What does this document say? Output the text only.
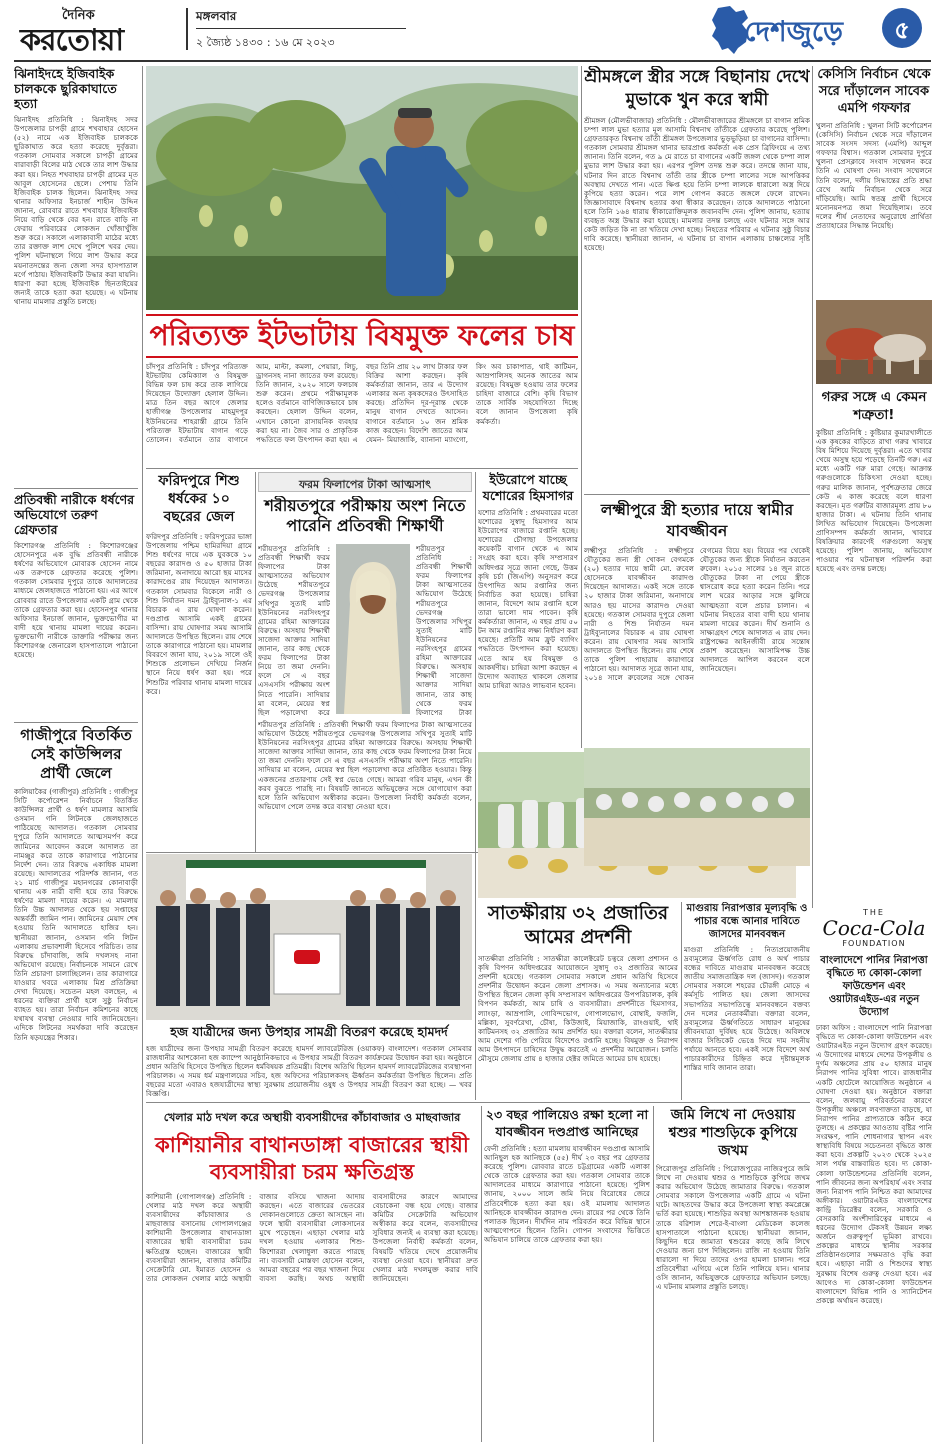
দৈনিক
করতোয়া
মঙ্গলবার
২ জ্যৈষ্ঠ ১৪৩০ : ১৬ মে ২০২৩	দেশজুড়ে	৫
ঝিনাইদহে ইজিবাইক চালককে ছুরিকাঘাতে হত্যা
ঝিনাইদহ প্রতিনিধি : ঝিনাইদহ সদর উপজেলার চাপড়ী গ্রামে শখবাহার হোসেন (৫২) নামে এক ইজিবাইক চালককে ছুরিকাঘাত করে হত্যা করেছে দুর্বৃত্তরা। গতকাল সোমবার সকালে চাপড়ী গ্রামের বারাবাড়ী বিলের মাঠ থেকে তার লাশ উদ্ধার করা হয়। নিহত শখবাহার চাপড়ী গ্রামের মৃত আবুল হোসেনের ছেলে। পেশায় তিনি ইজিবাইক চালক ছিলেন। ঝিনাইদহ সদর থানার অফিসার ইনচার্জ শাহীন উদ্দিন জানান, রোববার রাতে শখবাহার ইজিবাইক নিয়ে বাড়ি থেকে বের হন। রাতে বাড়ি না ফেরায় পরিবারের লোকজন খোঁজাখুঁজি শুরু করে। সকালে এলাকাবাসী মাঠের মধ্যে তার রক্তাক্ত লাশ দেখে পুলিশে খবর দেয়। পুলিশ ঘটনাস্থলে গিয়ে লাশ উদ্ধার করে ময়নাতদন্তের জন্য জেলা সদর হাসপাতাল মর্গে পাঠায়। ইজিবাইকটি উদ্ধার করা যায়নি। ধারণা করা হচ্ছে ইজিবাইক ছিনতাইয়ের জন্যই তাকে হত্যা করা হয়েছে। এ ঘটনায় থানায় মামলার প্রস্তুতি চলছে।
প্রতিবন্ধী নারীকে ধর্ষণের অভিযোগে তরুণ গ্রেফতার
কিশোরগঞ্জ প্রতিনিধি : কিশোরগঞ্জের হোসেনপুরে এক বুদ্ধি প্রতিবন্ধী নারীকে ধর্ষণের অভিযোগে মোবারক হোসেন নামে এক তরুণকে গ্রেফতার করেছে পুলিশ। গতকাল সোমবার দুপুরে তাকে আদালতের মাধ্যমে জেলহাজতে পাঠানো হয়। এর আগে রোববার রাতে উপজেলার একটি গ্রাম থেকে তাকে গ্রেফতার করা হয়। হোসেনপুর থানার অফিসার ইনচার্জ জানান, ভুক্তভোগীর মা বাদী হয়ে থানায় মামলা দায়ের করেন। ভুক্তভোগী নারীকে ডাক্তারি পরীক্ষার জন্য কিশোরগঞ্জ জেনারেল হাসপাতালে পাঠানো হয়েছে।
গাজীপুরে বিতর্কিত সেই কাউন্সিলর প্রার্থী জেলে
কালিয়াকৈর (গাজীপুর) প্রতিনিধি : গাজীপুর সিটি কর্পোরেশন নির্বাচনে বিতর্কিত কাউন্সিলর প্রার্থী ও ধর্ষণ মামলার আসামি ওসমান গনি লিটনকে জেলহাজতে পাঠিয়েছে আদালত। গতকাল সোমবার দুপুরে তিনি আদালতে আত্মসমর্পণ করে জামিনের আবেদন করলে আদালত তা নামঞ্জুর করে তাকে কারাগারে পাঠানোর নির্দেশ দেন। তার বিরুদ্ধে একাধিক মামলা রয়েছে। আদালতের পরিদর্শক জানান, গত ২১ মার্চ গাজীপুর মহানগরের কোনাবাড়ী থানায় এক নারী বাদী হয়ে তার বিরুদ্ধে ধর্ষণের মামলা দায়ের করেন। এ মামলায় তিনি উচ্চ আদালত থেকে ছয় সপ্তাহের অন্তর্বর্তী জামিন পান। জামিনের মেয়াদ শেষ হওয়ায় তিনি আদালতে হাজির হন। স্থানীয়রা জানান, ওসমান গনি লিটন এলাকায় প্রভাবশালী হিসেবে পরিচিত। তার বিরুদ্ধে চাঁদাবাজি, জমি দখলসহ নানা অভিযোগ রয়েছে। নির্বাচনকে সামনে রেখে তিনি প্রচারণা চালাচ্ছিলেন। তার কারাগারে যাওয়ার খবরে এলাকায় মিশ্র প্রতিক্রিয়া দেখা দিয়েছে। সচেতন মহল বলছেন, এ ধরনের ব্যক্তিরা প্রার্থী হলে সুষ্ঠু নির্বাচন ব্যাহত হয়। তারা নির্বাচন কমিশনের কাছে যথাযথ ব্যবস্থা নেওয়ার দাবি জানিয়েছেন। এদিকে লিটনের সমর্থকরা দাবি করেছেন তিনি ষড়যন্ত্রের শিকার।
পরিত্যক্ত ইটভাটায় বিষমুক্ত ফলের চাষ
চাঁদপুর প্রতিনিধি : চাঁদপুর পরিত্যক্ত ইটভাটায় কেমিক্যাল ও বিষমুক্ত বিভিন্ন ফল চাষ করে তাক লাগিয়ে দিয়েছেন উদ্যোক্তা হেলাল উদ্দিন। মাত্র তিন বছর আগে জেলার হাজীগঞ্জ উপজেলার মাহমুদপুর ইউনিয়নের শাহরাস্তী গ্রামে তিনি পরিত্যক্ত ইটভাটায় বাগান গড়ে তোলেন। বর্তমানে তার বাগানে আম, মাল্টা, কমলা, পেয়ারা, লিচু, ড্রাগনসহ নানা জাতের ফল রয়েছে। তিনি জানান, ২০২০ সালে ফলচাষ শুরু করেন। প্রথমে পরীক্ষামূলক হলেও বর্তমানে বাণিজ্যিকভাবে চাষ করছেন। হেলাল উদ্দিন বলেন, এখানে কোনো রাসায়নিক ব্যবহার করা হয় না। জৈব সার ও প্রাকৃতিক পদ্ধতিতে ফল উৎপাদন করা হয়। এ বছর তিনি প্রায় ২০ লাখ টাকার ফল বিক্রির আশা করছেন। কৃষি কর্মকর্তারা জানান, তার এ উদ্যোগ এলাকার অন্য কৃষকদেরও উৎসাহিত করছে। প্রতিদিন দূর-দূরান্ত থেকে মানুষ বাগান দেখতে আসেন। বাগানে বর্তমানে ১০ জন শ্রমিক কাজ করছেন। বিদেশি জাতের আম যেমন- মিয়াজাকি, ব্যানানা ম্যাংগো, কিং অব চাকাপাত, থাই কাটিমন, আম্রপালিসহ অনেক জাতের আম রয়েছে। বিষমুক্ত হওয়ায় তার ফলের চাহিদা বাজারে বেশি। কৃষি বিভাগ তাকে সার্বিক সহযোগিতা দিচ্ছে বলে জানান উপজেলা কৃষি কর্মকর্তা।
ফরিদপুরে শিশু
ধর্ষকের ১০
বছরের জেল
ফরিদপুর প্রতিনিধি : ফরিদপুরের ভাঙ্গা উপজেলায় পশ্চিম হামিরদিয়া গ্রামে শিশু ধর্ষণের দায়ে এক যুবককে ১০ বছরের কারাদণ্ড ও ৫০ হাজার টাকা জরিমানা, অনাদায়ে আরো ছয় মাসের কারাদণ্ডের রায় দিয়েছেন আদালত। গতকাল সোমবার বিকেলে নারী ও শিশু নির্যাতন দমন ট্রাইব্যুনাল-১ এর বিচারক এ রায় ঘোষণা করেন। দণ্ডপ্রাপ্ত আসামি একই গ্রামের বাসিন্দা। রায় ঘোষণার সময় আসামি আদালতে উপস্থিত ছিলেন। রায় শেষে তাকে কারাগারে পাঠানো হয়। মামলার বিবরণে জানা যায়, ২০১৯ সালে ওই শিশুকে প্রলোভন দেখিয়ে নির্জন স্থানে নিয়ে ধর্ষণ করা হয়। পরে শিশুটির পরিবার থানায় মামলা দায়ের করে।
ফরম ফিলাপের টাকা আত্মসাৎ
শরীয়তপুরে পরীক্ষায় অংশ নিতে পারেনি প্রতিবন্ধী শিক্ষার্থী
শরীয়তপুর প্রতিনিধি : প্রতিবন্ধী শিক্ষার্থী ফরম ফিলাপের টাকা আত্মসাতের অভিযোগ উঠেছে শরীয়তপুরে ভেদরগঞ্জ উপজেলার সখিপুর সুতাই মাটি ইউনিয়নের নরসিংহপুর গ্রামের রহিমা আক্তারের বিরুদ্ধে। অসহায় শিক্ষার্থী সাজেদা আক্তার সাদিয়া জানান, তার কাছ থেকে ফরম ফিলাপের টাকা নিয়ে তা জমা দেননি। ফলে সে এ বছর এসএসসি পরীক্ষায় অংশ নিতে পারেনি। সাদিয়ার মা বলেন, মেয়ের স্বপ্ন ছিল পড়ালেখা করে
শরীয়তপুর প্রতিনিধি : প্রতিবন্ধী শিক্ষার্থী ফরম ফিলাপের টাকা আত্মসাতের অভিযোগ উঠেছে শরীয়তপুরে ভেদরগঞ্জ উপজেলার সখিপুর সুতাই মাটি ইউনিয়নের নরসিংহপুর গ্রামের রহিমা আক্তারের বিরুদ্ধে। অসহায় শিক্ষার্থী সাজেদা আক্তার সাদিয়া জানান, তার কাছ থেকে ফরম ফিলাপের টাকা
শরীয়তপুর প্রতিনিধি : প্রতিবন্ধী শিক্ষার্থী ফরম ফিলাপের টাকা আত্মসাতের অভিযোগ উঠেছে শরীয়তপুরে ভেদরগঞ্জ উপজেলার সখিপুর সুতাই মাটি ইউনিয়নের নরসিংহপুর গ্রামের রহিমা আক্তারের বিরুদ্ধে। অসহায় শিক্ষার্থী সাজেদা আক্তার সাদিয়া জানান, তার কাছ থেকে ফরম ফিলাপের টাকা নিয়ে তা জমা দেননি। ফলে সে এ বছর এসএসসি পরীক্ষায় অংশ নিতে পারেনি। সাদিয়ার মা বলেন, মেয়ের স্বপ্ন ছিল পড়ালেখা করে প্রতিষ্ঠিত হওয়ার। কিন্তু একজনের প্রতারণায় সেই স্বপ্ন ভেঙে গেছে। আমরা গরিব মানুষ, এখন কী করব বুঝতে পারছি না। বিষয়টি জানতে অভিযুক্তের সঙ্গে যোগাযোগ করা হলে তিনি অভিযোগ অস্বীকার করেন। উপজেলা নির্বাহী কর্মকর্তা বলেন, অভিযোগ পেলে তদন্ত করে ব্যবস্থা নেওয়া হবে।
ইউরোপে যাচ্ছে
যশোরের হিমসাগর
যশোর প্রতিনিধি : প্রথমবারের মতো যশোরের সুস্বাদু হিমসাগর আম ইউরোপের বাজারে রপ্তানি হচ্ছে। যশোরের চৌগাছা উপজেলার কয়েকটি বাগান থেকে এ আম সংগ্রহ করা হবে। কৃষি সম্প্রসারণ অধিদপ্তর সূত্রে জানা গেছে, উত্তম কৃষি চর্চা (জিএপি) অনুসরণ করে উৎপাদিত আম রপ্তানির জন্য নির্বাচিত করা হয়েছে। চাষিরা জানান, বিদেশে আম রপ্তানি হলে তারা ভালো দাম পাবেন। কৃষি কর্মকর্তারা জানান, এ বছর প্রায় ৫০ টন আম রপ্তানির লক্ষ্য নির্ধারণ করা হয়েছে। প্রতিটি আম ফ্রুট ব্যাগিং পদ্ধতিতে উৎপাদন করা হয়েছে। এতে আম হয় বিষমুক্ত ও আকর্ষণীয়। চাষিরা আশা করছেন এ উদ্যোগ অব্যাহত থাকলে জেলার আম চাষিরা আরও লাভবান হবেন।
শ্রীমঙ্গলে স্ত্রীর সঙ্গে বিছানায় দেখে মুভাকে খুন করে স্বামী
শ্রীমঙ্গল (মৌলভীবাজার) প্রতিনিধি : মৌলভীবাজারের শ্রীমঙ্গলে চা বাগান শ্রমিক চম্পা লাল মুভা হত্যার মূল আসামি বিশ্বনাথ তাঁতীকে গ্রেফতার করেছে পুলিশ। গ্রেফতারকৃত বিশ্বনাথ তাঁতী শ্রীমঙ্গল উপজেলার ভুড়ভুড়িয়া চা বাগানের বাসিন্দা। গতকাল সোমবার শ্রীমঙ্গল থানার ভারপ্রাপ্ত কর্মকর্তা এক প্রেস ব্রিফিংয়ে এ তথ্য জানান। তিনি বলেন, গত ৯ মে রাতে চা বাগানের একটি জঙ্গল থেকে চম্পা লাল মুভার লাশ উদ্ধার করা হয়। এরপর পুলিশ তদন্ত শুরু করে। তদন্তে জানা যায়, ঘটনার দিন রাতে বিশ্বনাথ তাঁতী তার স্ত্রীকে চম্পা লালের সঙ্গে আপত্তিকর অবস্থায় দেখতে পান। এতে ক্ষিপ্ত হয়ে তিনি চম্পা লালকে ধারালো অস্ত্র দিয়ে কুপিয়ে হত্যা করেন। পরে লাশ গোপন করতে জঙ্গলে ফেলে রাখেন। জিজ্ঞাসাবাদে বিশ্বনাথ হত্যার কথা স্বীকার করেছেন। তাকে আদালতে পাঠানো হলে তিনি ১৬৪ ধারায় স্বীকারোক্তিমূলক জবানবন্দি দেন। পুলিশ জানায়, হত্যায় ব্যবহৃত অস্ত্র উদ্ধার করা হয়েছে। মামলার তদন্ত চলছে এবং ঘটনার সঙ্গে আর কেউ জড়িত কি না তা খতিয়ে দেখা হচ্ছে। নিহতের পরিবার এ ঘটনার সুষ্ঠু বিচার দাবি করেছে। স্থানীয়রা জানান, এ ঘটনায় চা বাগান এলাকায় চাঞ্চল্যের সৃষ্টি হয়েছে।
কেসিসি নির্বাচন থেকে সরে দাঁড়ালেন সাবেক এমপি গফফার
খুলনা প্রতিনিধি : খুলনা সিটি কর্পোরেশন (কেসিসি) নির্বাচন থেকে সরে দাঁড়ালেন সাবেক সংসদ সদস্য (এমপি) আব্দুল গফফার বিশ্বাস। গতকাল সোমবার দুপুরে খুলনা প্রেসক্লাবে সংবাদ সম্মেলন করে তিনি এ ঘোষণা দেন। সংবাদ সম্মেলনে তিনি বলেন, দলীয় সিদ্ধান্তের প্রতি শ্রদ্ধা রেখে আমি নির্বাচন থেকে সরে দাঁড়িয়েছি। আমি স্বতন্ত্র প্রার্থী হিসেবে মনোনয়নপত্র জমা দিয়েছিলাম। তবে দলের শীর্ষ নেতাদের অনুরোধে প্রার্থিতা প্রত্যাহারের সিদ্ধান্ত নিয়েছি।
গরুর সঙ্গে এ কেমন শত্রুতা!
কুষ্টিয়া প্রতিনিধি : কুষ্টিয়ার কুমারখালীতে এক কৃষকের বাড়িতে রাখা গরুর খাবারে বিষ মিশিয়ে দিয়েছে দুর্বৃত্তরা। এতে খাবার খেয়ে অসুস্থ হয়ে পড়েছে তিনটি গরু। এর মধ্যে একটি গরু মারা গেছে। আক্রান্ত গরুগুলোকে চিকিৎসা দেওয়া হচ্ছে। গরুর মালিক জানান, পূর্বশত্রুতার জেরে কেউ এ কাজ করেছে বলে ধারণা করছেন। মৃত গরুটির বাজারমূল্য প্রায় ৮০ হাজার টাকা। এ ঘটনায় তিনি থানায় লিখিত অভিযোগ দিয়েছেন। উপজেলা প্রাণিসম্পদ কর্মকর্তা জানান, খাবারে বিষক্রিয়ার কারণেই গরুগুলো অসুস্থ হয়েছে। পুলিশ জানায়, অভিযোগ পাওয়ার পর ঘটনাস্থল পরিদর্শন করা হয়েছে এবং তদন্ত চলছে।
লক্ষ্মীপুরে স্ত্রী হত্যার দায়ে স্বামীর যাবজ্জীবন
লক্ষ্মীপুর প্রতিনিধি : লক্ষ্মীপুরে যৌতুকের জন্য স্ত্রী খোকন বেগমকে (২০) হত্যার দায়ে স্বামী মো. রুবেল হোসেনকে যাবজ্জীবন কারাদণ্ড দিয়েছেন আদালত। একই সঙ্গে তাকে ২০ হাজার টাকা জরিমানা, অনাদায়ে আরও ছয় মাসের কারাদণ্ড দেওয়া হয়েছে। গতকাল সোমবার দুপুরে জেলা নারী ও শিশু নির্যাতন দমন ট্রাইব্যুনালের বিচারক এ রায় ঘোষণা করেন। রায় ঘোষণার সময় আসামি আদালতে উপস্থিত ছিলেন। রায় শেষে তাকে পুলিশ পাহারায় কারাগারে পাঠানো হয়। আদালত সূত্রে জানা যায়, ২০১৪ সালে রুবেলের সঙ্গে খোকন বেগমের বিয়ে হয়। বিয়ের পর থেকেই যৌতুকের জন্য স্ত্রীকে নির্যাতন করতেন রুবেল। ২০১৫ সালের ১৪ জুন রাতে যৌতুকের টাকা না পেয়ে স্ত্রীকে শ্বাসরোধ করে হত্যা করেন তিনি। পরে লাশ ঘরের আড়ার সঙ্গে ঝুলিয়ে আত্মহত্যা বলে প্রচার চালান। এ ঘটনায় নিহতের বাবা বাদী হয়ে থানায় মামলা দায়ের করেন। দীর্ঘ শুনানি ও সাক্ষ্যগ্রহণ শেষে আদালত এ রায় দেন। রাষ্ট্রপক্ষের আইনজীবী রায়ে সন্তোষ প্রকাশ করেছেন। আসামিপক্ষ উচ্চ আদালতে আপিল করবেন বলে জানিয়েছেন।
হজ যাত্রীদের জন্য উপহার সামগ্রী বিতরণ করেছে হামদর্দ
হজ যাত্রীদের জন্য উপহার সামগ্রী বিতরণ করেছে হামদর্দ ল্যাবরেটরিজ (ওয়াকফ) বাংলাদেশ। গতকাল সোমবার রাজধানীর আশকোনা হজ ক্যাম্পে আনুষ্ঠানিকভাবে এ উপহার সামগ্রী বিতরণ কার্যক্রমের উদ্বোধন করা হয়। অনুষ্ঠানে প্রধান অতিথি হিসেবে উপস্থিত ছিলেন ধর্মবিষয়ক প্রতিমন্ত্রী। বিশেষ অতিথি ছিলেন হামদর্দ ল্যাবরেটরিজের ব্যবস্থাপনা পরিচালক। এ সময় ধর্ম মন্ত্রণালয়ের সচিব, হজ অফিসের পরিচালকসহ ঊর্ধ্বতন কর্মকর্তারা উপস্থিত ছিলেন। প্রতি বছরের মতো এবারও হজযাত্রীদের স্বাস্থ্য সুরক্ষায় প্রয়োজনীয় ওষুধ ও উপহার সামগ্রী বিতরণ করা হচ্ছে। — খবর বিজ্ঞপ্তি।
সাতক্ষীরায় ৩২ প্রজাতির আমের প্রদর্শনী
সাতক্ষীরা প্রতিনিধি : সাতক্ষীরা কালেক্টরেট চত্বরে জেলা প্রশাসন ও কৃষি বিপণন অধিদপ্তরের আয়োজনে সুস্বাদু ৩২ প্রজাতির আমের প্রদর্শনী হয়েছে। গতকাল সোমবার সকালে প্রধান অতিথি হিসেবে প্রদর্শনীর উদ্বোধন করেন জেলা প্রশাসক। এ সময় অন্যান্যের মধ্যে উপস্থিত ছিলেন জেলা কৃষি সম্প্রসারণ অধিদপ্তরের উপপরিচালক, কৃষি বিপণন কর্মকর্তা, আম চাষি ও ব্যবসায়ীরা। প্রদর্শনীতে হিমসাগর, ল্যাংড়া, আম্রপালি, গোবিন্দভোগ, গোপালভোগ, বোম্বাই, ফজলি, মল্লিকা, সুবর্ণরেখা, চৌষা, কিউজাই, মিয়াজাকি, রাংগুয়াই, থাই কাটিমনসহ ৩২ প্রজাতির আম প্রদর্শিত হয়। বক্তারা বলেন, সাতক্ষীরার আম দেশের গণ্ডি পেরিয়ে বিদেশেও রপ্তানি হচ্ছে। বিষমুক্ত ও নিরাপদ আম উৎপাদনে চাষিদের উদ্বুদ্ধ করতেই এ প্রদর্শনীর আয়োজন। চলতি মৌসুমে জেলায় প্রায় ৪ হাজার হেক্টর জমিতে আমের চাষ হয়েছে।
মাগুরায় নিরাপত্তার মূল্যবৃদ্ধি ও পাচার বন্ধে আনার দাবিতে জাসদের মানববন্ধন
মাগুরা প্রতিনিধি : নিত্যপ্রয়োজনীয় দ্রব্যমূল্যের ঊর্ধ্বগতি রোধ ও অর্থ পাচার বন্ধের দাবিতে মাগুরায় মানববন্ধন করেছে জাতীয় সমাজতান্ত্রিক দল (জাসদ)। গতকাল সোমবার সকালে শহরের চৌরঙ্গী মোড়ে এ কর্মসূচি পালিত হয়। জেলা জাসদের সভাপতির সভাপতিত্বে মানববন্ধনে বক্তব্য দেন দলের নেতাকর্মীরা। বক্তারা বলেন, দ্রব্যমূল্যের ঊর্ধ্বগতিতে সাধারণ মানুষের জীবনযাত্রা দুর্বিষহ হয়ে উঠেছে। অবিলম্বে বাজার সিন্ডিকেট ভেঙে দিয়ে দাম সহনীয় পর্যায়ে আনতে হবে। একই সঙ্গে বিদেশে অর্থ পাচারকারীদের চিহ্নিত করে দৃষ্টান্তমূলক শাস্তির দাবি জানান তারা।
THE
Coca-Cola
FOUNDATION
বাংলাদেশে পানির নিরাপত্তা বৃদ্ধিতে দ্য কোকা-কোলা ফাউন্ডেশন এবং ওয়াটারএইড-এর নতুন উদ্যোগ
ঢাকা অফিস : বাংলাদেশে পানি নিরাপত্তা বৃদ্ধিতে দ্য কোকা-কোলা ফাউন্ডেশন এবং ওয়াটারএইড নতুন উদ্যোগ গ্রহণ করেছে। এ উদ্যোগের মাধ্যমে দেশের উপকূলীয় ও দুর্গম অঞ্চলের প্রায় ৫০ হাজার মানুষ নিরাপদ পানির সুবিধা পাবে। রাজধানীর একটি হোটেলে আয়োজিত অনুষ্ঠানে এ ঘোষণা দেওয়া হয়। অনুষ্ঠানে বক্তারা বলেন, জলবায়ু পরিবর্তনের কারণে উপকূলীয় অঞ্চলে লবণাক্ততা বাড়ছে, যা নিরাপদ পানির প্রাপ্যতাকে কঠিন করে তুলছে। এ প্রকল্পের আওতায় বৃষ্টির পানি সংরক্ষণ, পানি শোধনাগার স্থাপন এবং স্বাস্থ্যবিধি বিষয়ে সচেতনতা বৃদ্ধিতে কাজ করা হবে। প্রকল্পটি ২০২৩ থেকে ২০২৫ সাল পর্যন্ত বাস্তবায়িত হবে। দ্য কোকা-কোলা ফাউন্ডেশনের প্রতিনিধি বলেন, পানি জীবনের জন্য অপরিহার্য এবং সবার জন্য নিরাপদ পানি নিশ্চিত করা আমাদের অঙ্গীকার। ওয়াটারএইড বাংলাদেশের কান্ট্রি ডিরেক্টর বলেন, সরকারি ও বেসরকারি অংশীদারিত্বের মাধ্যমে এ ধরনের উদ্যোগ টেকসই উন্নয়ন লক্ষ্য অর্জনে গুরুত্বপূর্ণ ভূমিকা রাখবে। প্রকল্পের মাধ্যমে স্থানীয় সরকার প্রতিষ্ঠানগুলোর সক্ষমতাও বৃদ্ধি করা হবে। এছাড়া নারী ও শিশুদের স্বাস্থ্য সুরক্ষায় বিশেষ গুরুত্ব দেওয়া হবে। এর আগেও দ্য কোকা-কোলা ফাউন্ডেশন বাংলাদেশে বিভিন্ন পানি ও স্যানিটেশন প্রকল্পে অর্থায়ন করেছে।
খেলার মাঠ দখল করে অস্থায়ী ব্যবসায়ীদের কাঁচাবাজার ও মাছবাজার
কাশিয়ানীর বাথানডাঙ্গা বাজারের স্থায়ী ব্যবসায়ীরা চরম ক্ষতিগ্রস্ত
কাশিয়ানী (গোপালগঞ্জ) প্রতিনিধি : খেলার মাঠ দখল করে অস্থায়ী ব্যবসায়ীদের কাঁচাবাজার ও মাছবাজার বসানোয় গোপালগঞ্জের কাশিয়ানী উপজেলার বাথানডাঙ্গা বাজারের স্থায়ী ব্যবসায়ীরা চরম ক্ষতিগ্রস্ত হচ্ছেন। বাজারের স্থায়ী ব্যবসায়ীরা জানান, বাজার কমিটির সেক্রেটারি মো. ইমারত হোসেন ও তার লোকজন খেলার মাঠে অস্থায়ী বাজার বসিয়ে খাজনা আদায় করছেন। এতে বাজারের ভেতরের দোকানগুলোতে ক্রেতা আসছেন না। ফলে স্থায়ী ব্যবসায়ীরা লোকসানের মুখে পড়েছেন। এছাড়া খেলার মাঠ দখল হওয়ায় এলাকার শিশু-কিশোররা খেলাধুলা করতে পারছে না। ব্যবসায়ী মোস্তফা হোসেন বলেন, আমরা বছরের পর বছর খাজনা দিয়ে ব্যবসা করছি। অথচ অস্থায়ী ব্যবসায়ীদের কারণে আমাদের বেচাকেনা বন্ধ হয়ে গেছে। বাজার কমিটির সেক্রেটারি অভিযোগ অস্বীকার করে বলেন, ব্যবসায়ীদের সুবিধার জন্যই এ ব্যবস্থা করা হয়েছে। উপজেলা নির্বাহী কর্মকর্তা বলেন, বিষয়টি খতিয়ে দেখে প্রয়োজনীয় ব্যবস্থা নেওয়া হবে। স্থানীয়রা দ্রুত খেলার মাঠ দখলমুক্ত করার দাবি জানিয়েছেন।
২৩ বছর পালিয়েও রক্ষা হলো না যাবজ্জীবন দণ্ডপ্রাপ্ত আনিছের
ফেনী প্রতিনিধি : হত্যা মামলায় যাবজ্জীবন দণ্ডপ্রাপ্ত আসামি আনিছুল হক আনিছকে (৫৫) দীর্ঘ ২৩ বছর পর গ্রেফতার করেছে পুলিশ। রোববার রাতে চট্টগ্রামের একটি এলাকা থেকে তাকে গ্রেফতার করা হয়। গতকাল সোমবার তাকে আদালতের মাধ্যমে কারাগারে পাঠানো হয়েছে। পুলিশ জানায়, ২০০০ সালে জমি নিয়ে বিরোধের জেরে প্রতিবেশীকে হত্যা করা হয়। ওই মামলায় আদালত আনিছকে যাবজ্জীবন কারাদণ্ড দেন। রায়ের পর থেকে তিনি পলাতক ছিলেন। দীর্ঘদিন নাম পরিবর্তন করে বিভিন্ন স্থানে আত্মগোপনে ছিলেন তিনি। গোপন সংবাদের ভিত্তিতে অভিযান চালিয়ে তাকে গ্রেফতার করা হয়।
জমি লিখে না দেওয়ায় শ্বশুর শাশুড়িকে কুপিয়ে জখম
পিরোজপুর প্রতিনিধি : পিরোজপুরের নাজিরপুরে জমি লিখে না দেওয়ায় শ্বশুর ও শাশুড়িকে কুপিয়ে জখম করার অভিযোগ উঠেছে জামাতার বিরুদ্ধে। গতকাল সোমবার সকালে উপজেলার একটি গ্রামে এ ঘটনা ঘটে। আহতদের উদ্ধার করে উপজেলা স্বাস্থ্য কমপ্লেক্সে ভর্তি করা হয়েছে। শাশুড়ির অবস্থা আশঙ্কাজনক হওয়ায় তাকে বরিশাল শেরে-ই-বাংলা মেডিকেল কলেজ হাসপাতালে পাঠানো হয়েছে। স্থানীয়রা জানান, কিছুদিন ধরে জামাতা শ্বশুরের কাছে জমি লিখে দেওয়ার জন্য চাপ দিচ্ছিলেন। রাজি না হওয়ায় তিনি ধারালো দা দিয়ে তাদের ওপর হামলা চালান। পরে প্রতিবেশীরা এগিয়ে এলে তিনি পালিয়ে যান। থানার ওসি জানান, অভিযুক্তকে গ্রেফতারে অভিযান চলছে। এ ঘটনায় মামলার প্রস্তুতি চলছে।
